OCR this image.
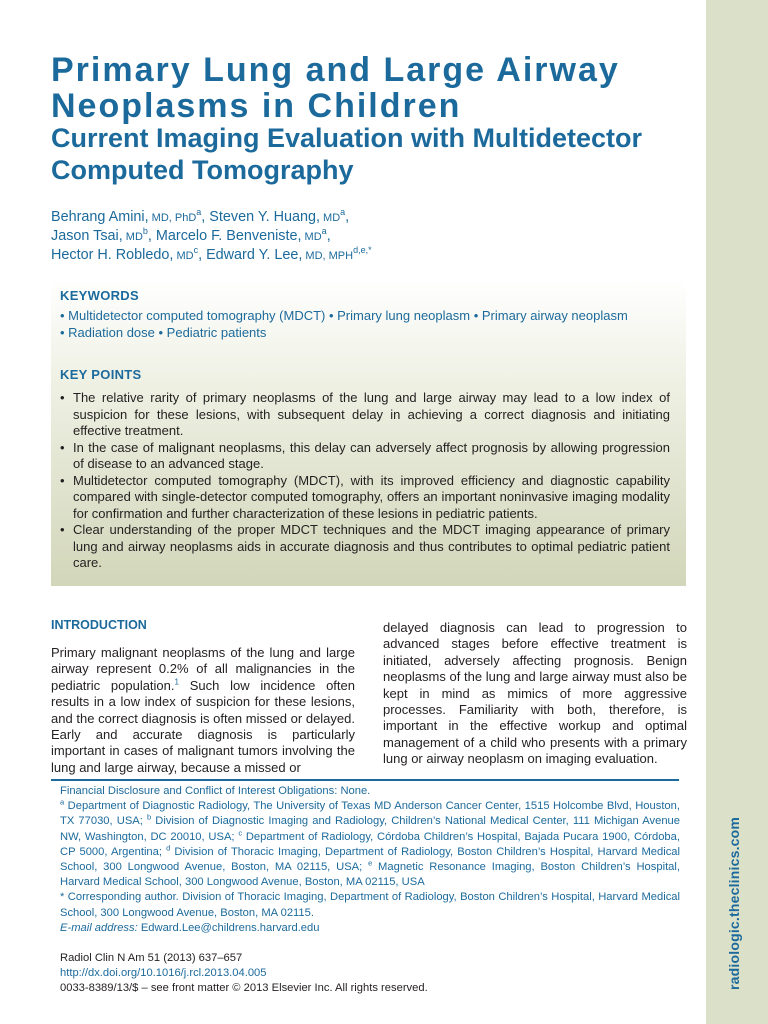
radiologic.theclinics.com
Primary Lung and Large Airway
Neoplasms in Children
Current Imaging Evaluation with Multidetector Computed Tomography
Behrang Amini, MD, PhD$^a$, Steven Y. Huang, $MD^a$,
Jason Tsai, $MD^b$, Marcelo F. Benveniste, $MD^a$,
Hector H. Robledo, $MD^c$, Edward Y. Lee, MD, $MPH^{d,e,*}$
KEYWORDS
• Multidetector computed tomography (MDCT) • Primary lung neoplasm • Primary airway neoplasm
• Radiation dose • Pediatric patients
KEY POINTS
• The relative rarity of primary neoplasms of the lung and large airway may lead to a low index of suspicion for these lesions, with subsequent delay in achieving a correct diagnosis and initiating effective treatment.
• In the case of malignant neoplasms, this delay can adversely affect prognosis by allowing progression of disease to an advanced stage.
• Multidetector computed tomography (MDCT), with its improved efficiency and diagnostic capability compared with single-detector computed tomography, offers an important noninvasive imaging modality for confirmation and further characterization of these lesions in pediatric patients.
• Clear understanding of the proper MDCT techniques and the MDCT imaging appearance of primary lung and airway neoplasms aids in accurate diagnosis and thus contributes to optimal pediatric patient care.
INTRODUCTION
Primary malignant neoplasms of the lung and large airway represent 0.2% of all malignancies in the pediatric population.$^1$ Such low incidence often results in a low index of suspicion for these lesions, and the correct diagnosis is often missed or delayed. Early and accurate diagnosis is particularly important in cases of malignant tumors involving the lung and large airway, because a missed or
delayed diagnosis can lead to progression to advanced stages before effective treatment is initiated, adversely affecting prognosis. Benign neoplasms of the lung and large airway must also be kept in mind as mimics of more aggressive processes. Familiarity with both, therefore, is important in the effective workup and optimal management of a child who presents with a primary lung or airway neoplasm on imaging evaluation.
Financial Disclosure and Conflict of Interest Obligations: None.
$^a$ Department of Diagnostic Radiology, The University of Texas MD Anderson Cancer Center, 1515 Holcombe Blvd, Houston, TX 77030, USA; $^b$ Division of Diagnostic Imaging and Radiology, Children’s National Medical Center, 111 Michigan Avenue NW, Washington, DC 20010, USA; $^c$ Department of Radiology, Córdoba Children’s Hospital, Bajada Pucara 1900, Córdoba, CP 5000, Argentina; $^d$ Division of Thoracic Imaging, Department of Radiology, Boston Children’s Hospital, Harvard Medical School, 300 Longwood Avenue, Boston, MA 02115, USA; $^e$ Magnetic Resonance Imaging, Boston Children’s Hospital, Harvard Medical School, 300 Longwood Avenue, Boston, MA 02115, USA
* Corresponding author. Division of Thoracic Imaging, Department of Radiology, Boston Children’s Hospital, Harvard Medical School, 300 Longwood Avenue, Boston, MA 02115.
E-mail address: Edward.Lee@childrens.harvard.edu
Radiol Clin N Am 51 (2013) 637–657
http://dx.doi.org/10.1016/j.rcl.2013.04.005
0033-8389/13/$ – see front matter © 2013 Elsevier Inc. All rights reserved.
